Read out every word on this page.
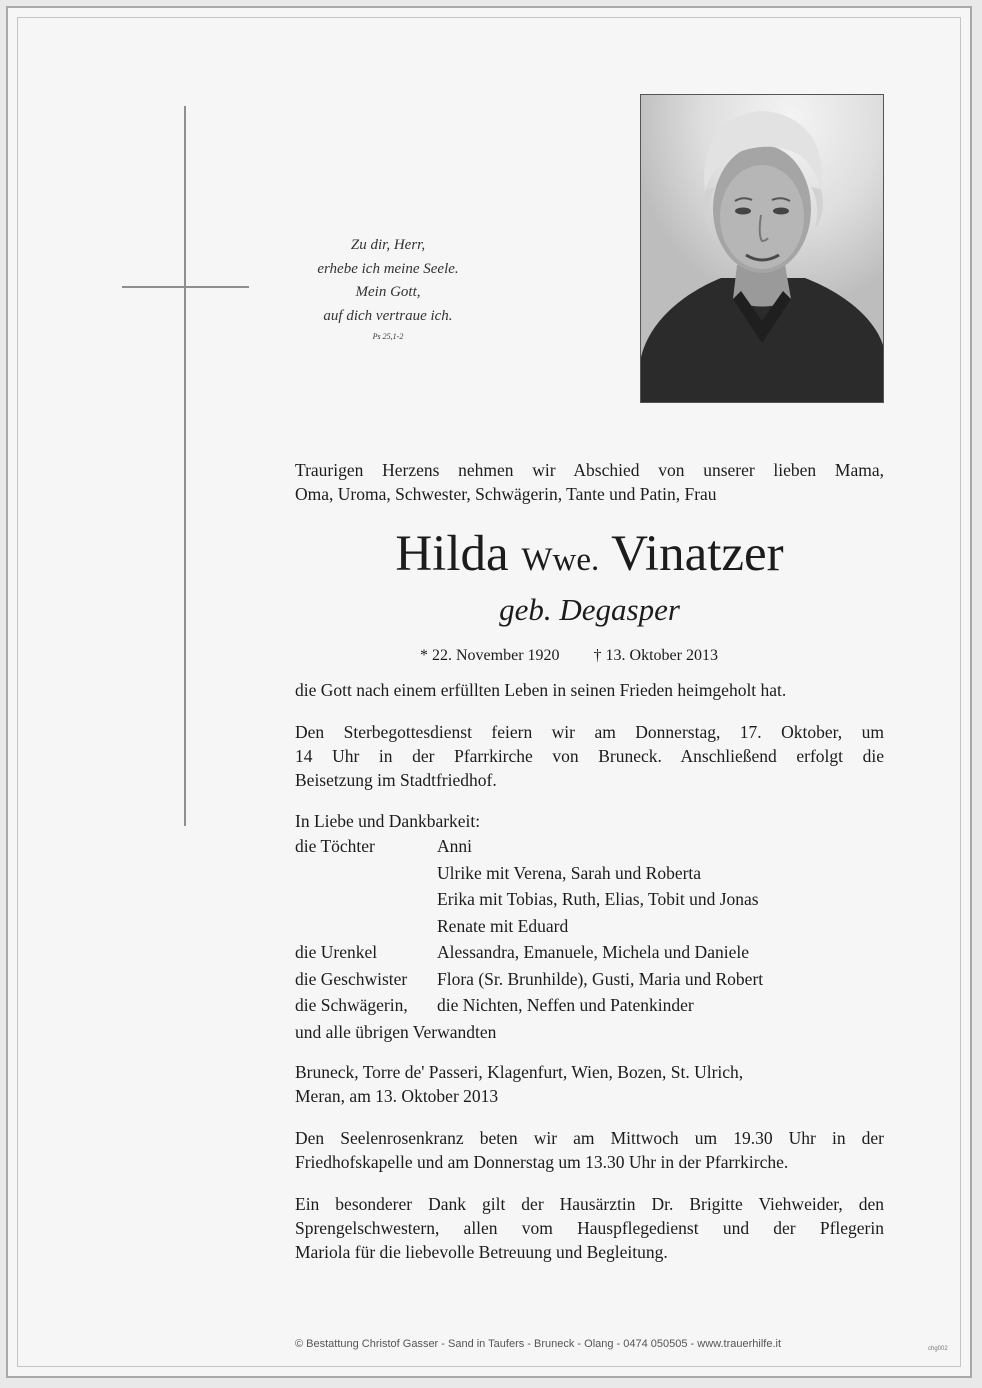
Zu dir, Herr,
erhebe ich meine Seele.
Mein Gott,
auf dich vertraue ich.
Ps 25,1-2
Traurigen Herzens nehmen wir Abschied von unserer lieben Mama,
Oma, Uroma, Schwester, Schwägerin, Tante und Patin, Frau
Hilda Wwe. Vinatzer
geb. Degasper
* 22. November 1920 † 13. Oktober 2013
die Gott nach einem erfüllten Leben in seinen Frieden heimgeholt hat.
Den Sterbegottesdienst feiern wir am Donnerstag, 17. Oktober, um
14 Uhr in der Pfarrkirche von Bruneck. Anschließend erfolgt die
Beisetzung im Stadtfriedhof.
In Liebe und Dankbarkeit:
die Töchter	Anni
Ulrike mit Verena, Sarah und Roberta
Erika mit Tobias, Ruth, Elias, Tobit und Jonas
Renate mit Eduard
die Urenkel	Alessandra, Emanuele, Michela und Daniele
die Geschwister Flora (Sr. Brunhilde), Gusti, Maria und Robert
die Schwägerin, die Nichten, Neffen und Patenkinder
und alle übrigen Verwandten
Bruneck, Torre de' Passeri, Klagenfurt, Wien, Bozen, St. Ulrich,
Meran, am 13. Oktober 2013
Den Seelenrosenkranz beten wir am Mittwoch um 19.30 Uhr in der
Friedhofskapelle und am Donnerstag um 13.30 Uhr in der Pfarrkirche.
Ein besonderer Dank gilt der Hausärztin Dr. Brigitte Viehweider, den
Sprengelschwestern, allen vom Hauspflegedienst und der Pflegerin
Mariola für die liebevolle Betreuung und Begleitung.
© Bestattung Christof Gasser - Sand in Taufers - Bruneck - Olang - 0474 050505 - www.trauerhilfe.it	chg002
